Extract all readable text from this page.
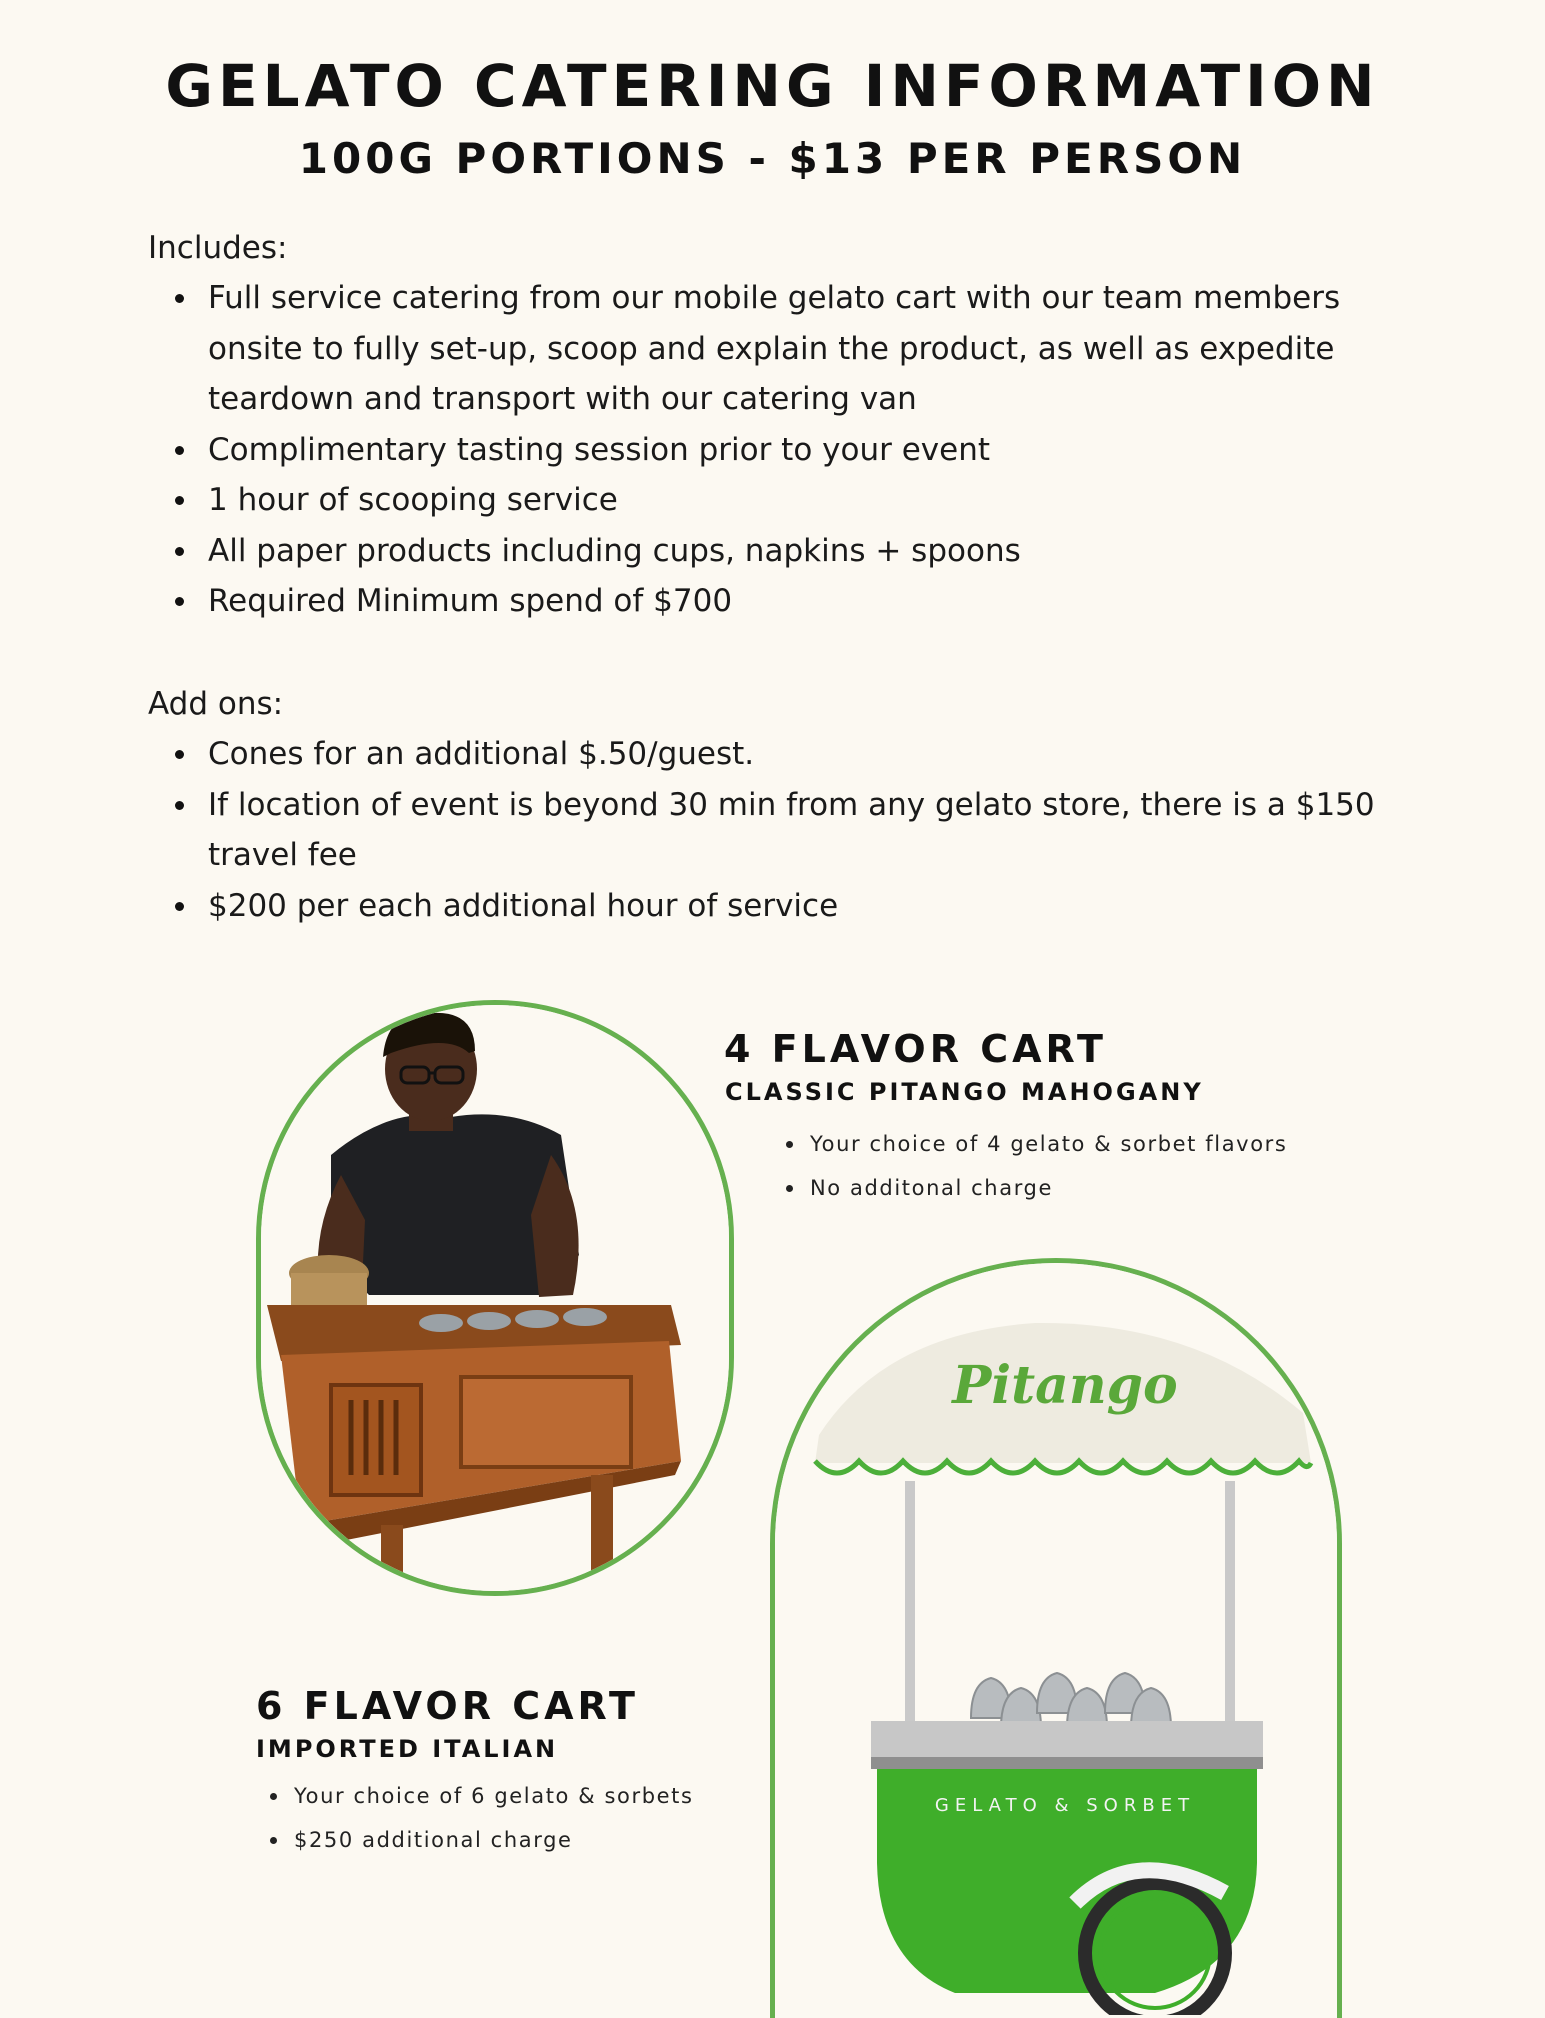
GELATO CATERING INFORMATION
100G PORTIONS - $13 PER PERSON

Includes:

Full service catering from our mobile gelato cart with our team members onsite to fully set-up, scoop and explain the product, as well as expedite teardown and transport with our catering van
Complimentary tasting session prior to your event
1 hour of scooping service
All paper products including cups, napkins + spoons
Required Minimum spend of $700

Add ons:

Cones for an additional $.50/guest.
If location of event is beyond 30 min from any gelato store, there is a $150 travel fee
$200 per each additional hour of service
Pitango
GELATO & SORBET
4 FLAVOR CART
CLASSIC PITANGO MAHOGANY
Your choice of 4 gelato & sorbet flavors
No additonal charge
6 FLAVOR CART
IMPORTED ITALIAN
Your choice of 6 gelato & sorbets
$250 additional charge
